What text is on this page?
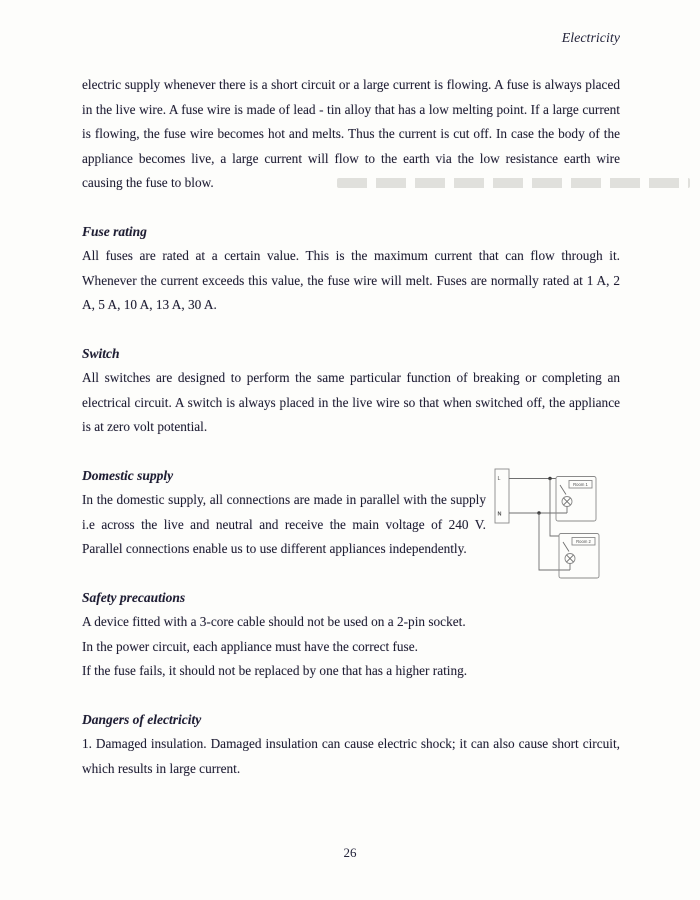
Electricity

electric supply whenever there is a short circuit or a large current is flowing. A fuse is always placed in the live wire. A fuse wire is made of lead - tin alloy that has a low melting point. If a large current is flowing, the fuse wire becomes hot and melts. Thus the current is cut off. In case the body of the appliance becomes live, a large current will flow to the earth via the low resistance earth wire causing the fuse to blow.

Fuse rating

All fuses are rated at a certain value. This is the maximum current that can flow through it. Whenever the current exceeds this value, the fuse wire will melt. Fuses are normally rated at 1 A, 2 A, 5 A, 10 A, 13 A, 30 A.

Switch

All switches are designed to perform the same particular function of breaking or completing an electrical circuit. A switch is always placed in the live wire so that when switched off, the appliance is at zero volt potential.

Domestic supply

In the domestic supply, all connections are made in parallel with the supply i.e across the live and neutral and receive the main voltage of 240 V. Parallel connections enable us to use different appliances independently.

L
N
Room 1
Room 2
Safety precautions

A device fitted with a 3-core cable should not be used on a 2-pin socket.

In the power circuit, each appliance must have the correct fuse.

If the fuse fails, it should not be replaced by one that has a higher rating.

Dangers of electricity

1. Damaged insulation. Damaged insulation can cause electric shock; it can also cause short circuit, which results in large current.

26
